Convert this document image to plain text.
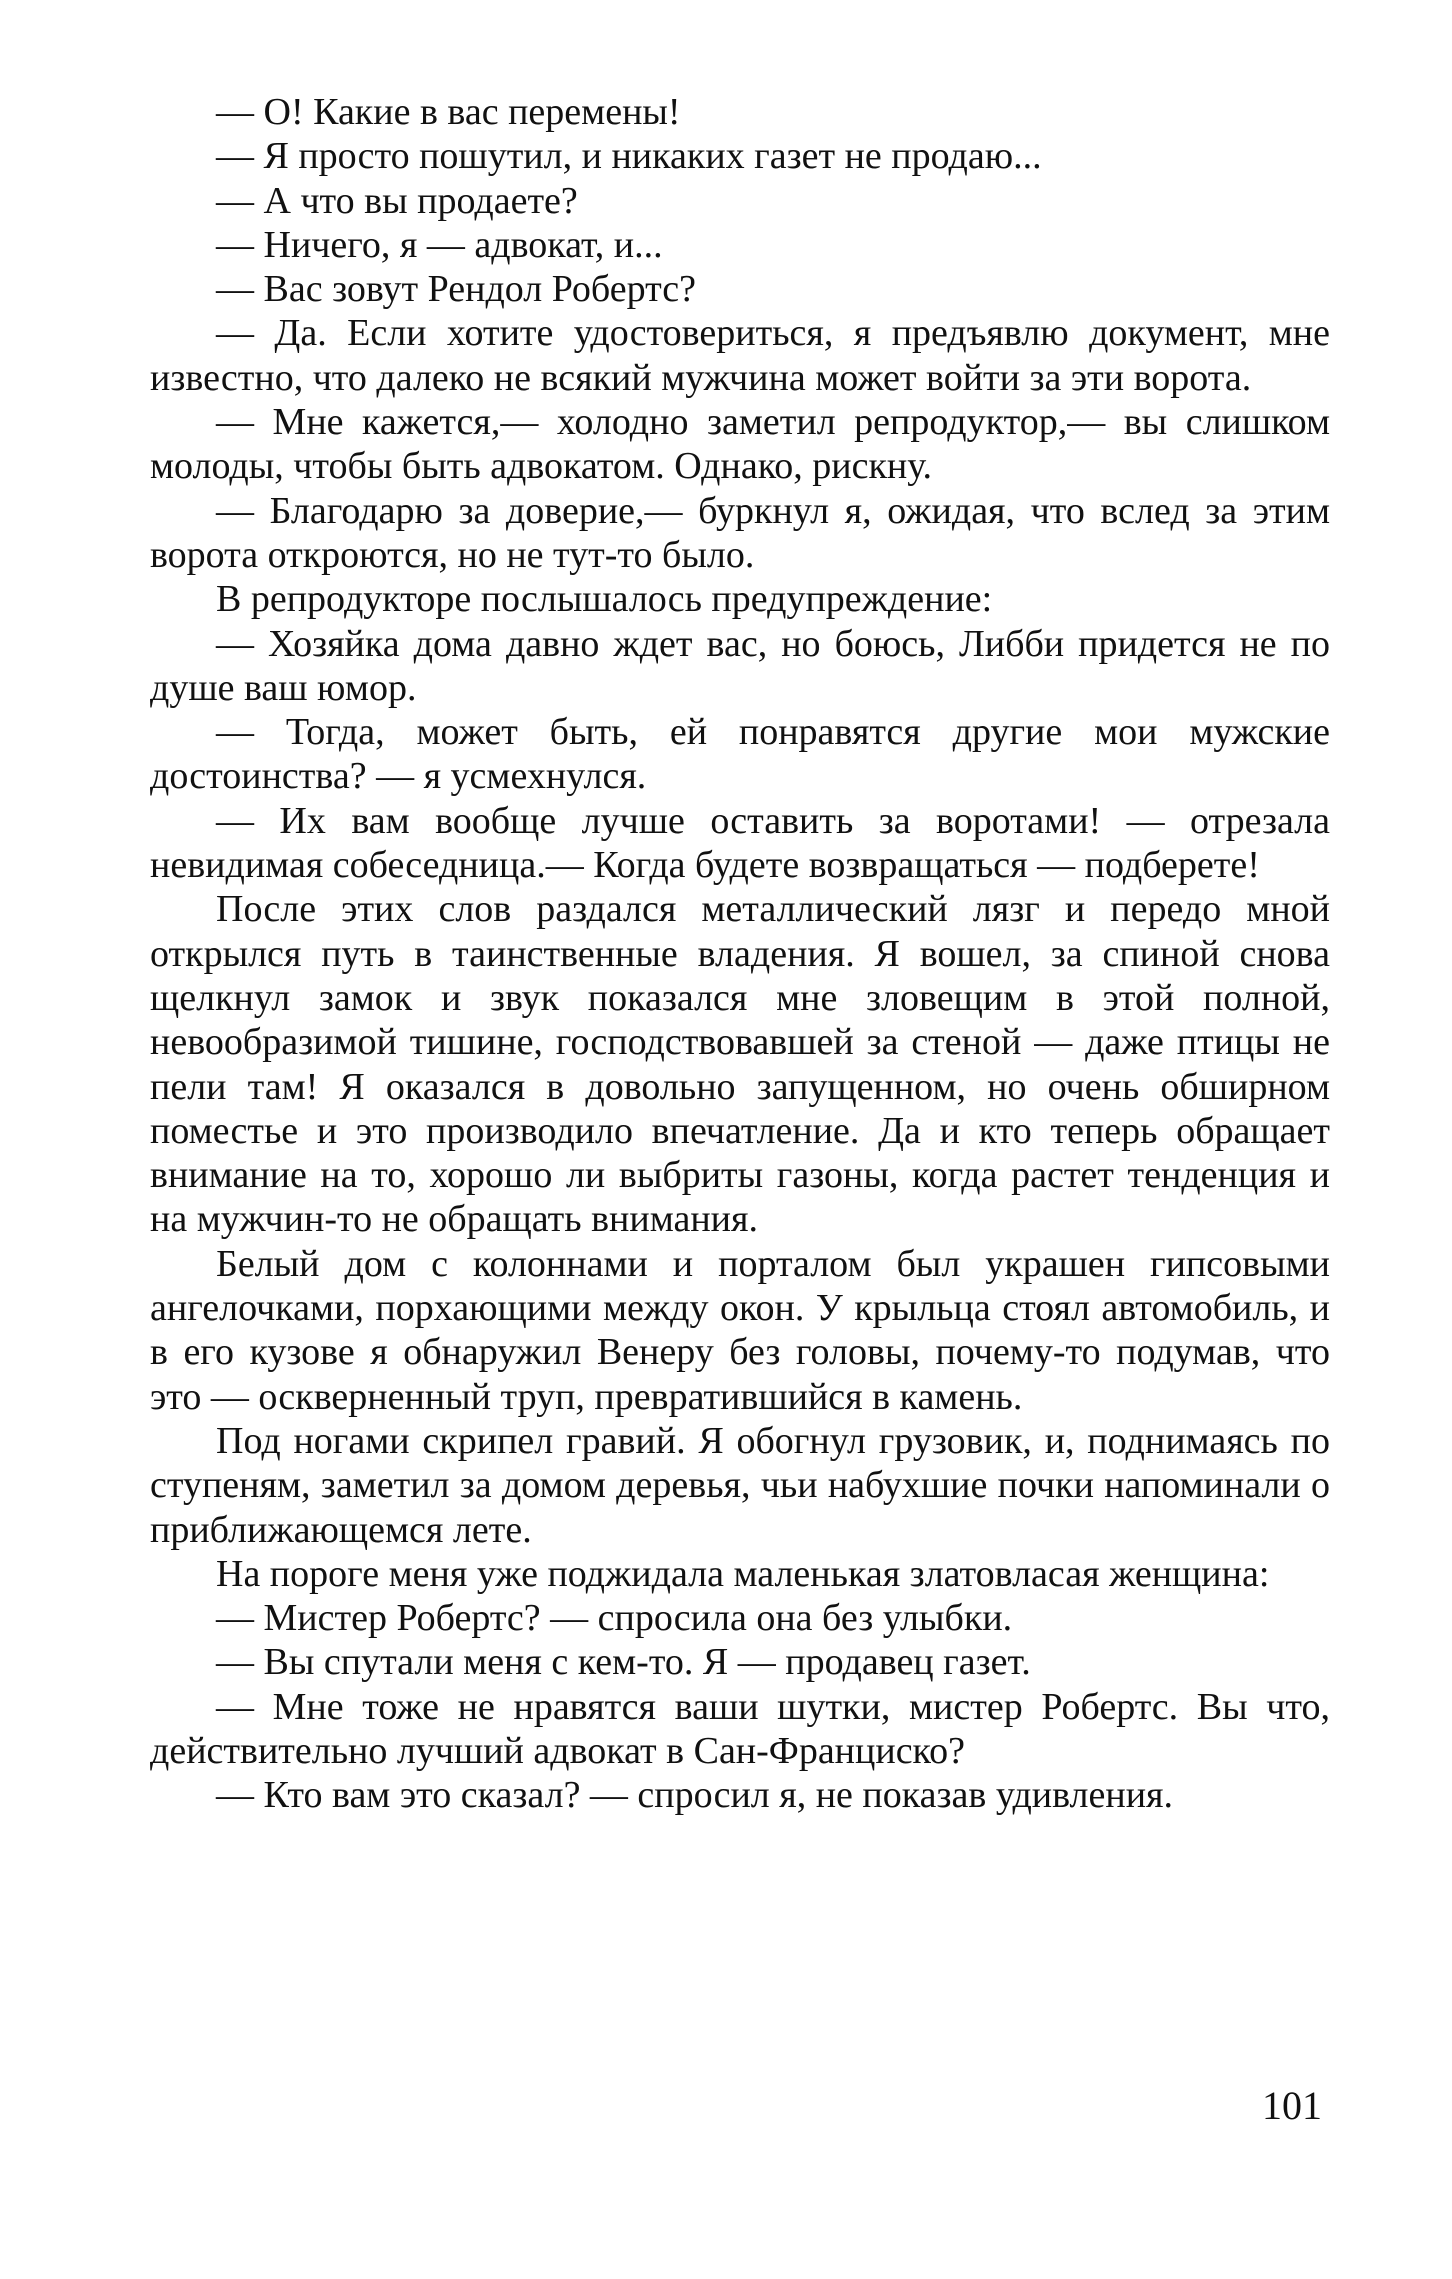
— О! Какие в вас перемены!

— Я просто пошутил, и никаких газет не продаю...

— А что вы продаете?

— Ничего, я — адвокат, и...

— Вас зовут Рендол Робертс?

— Да. Если хотите удостовериться, я предъявлю документ, мне известно, что далеко не всякий мужчина может войти за эти ворота.

— Мне кажется,— холодно заметил репродуктор,— вы слишком молоды, чтобы быть адвокатом. Однако, рискну.

— Благодарю за доверие,— буркнул я, ожидая, что вслед за этим ворота откроются, но не тут-то было.

В репродукторе послышалось предупреждение:

— Хозяйка дома давно ждет вас, но боюсь, Либби придется не по душе ваш юмор.

— Тогда, может быть, ей понравятся другие мои мужские достоинства? — я усмехнулся.

— Их вам вообще лучше оставить за воротами! — отрезала невидимая собеседница.— Когда будете возвращаться — подберете!

После этих слов раздался металлический лязг и передо мной открылся путь в таинственные владения. Я вошел, за спиной снова щелкнул замок и звук показался мне зловещим в этой полной, невообразимой тишине, господствовавшей за стеной — даже птицы не пели там! Я оказался в довольно запущенном, но очень обширном поместье и это производило впечатление. Да и кто теперь обращает внимание на то, хорошо ли выбриты газоны, когда растет тенденция и на мужчин-то не обращать внимания.

Белый дом с колоннами и порталом был украшен гипсовыми ангелочками, порхающими между окон. У крыльца стоял автомобиль, и в его кузове я обнаружил Венеру без головы, почему-то подумав, что это — оскверненный труп, превратившийся в камень.

Под ногами скрипел гравий. Я обогнул грузовик, и, поднимаясь по ступеням, заметил за домом деревья, чьи набухшие почки напоминали о приближающемся лете.

На пороге меня уже поджидала маленькая златовласая женщина:

— Мистер Робертс? — спросила она без улыбки.

— Вы спутали меня с кем-то. Я — продавец газет.

— Мне тоже не нравятся ваши шутки, мистер Робертс. Вы что, действительно лучший адвокат в Сан-Франциско?

— Кто вам это сказал? — спросил я, не показав удивления.

101
